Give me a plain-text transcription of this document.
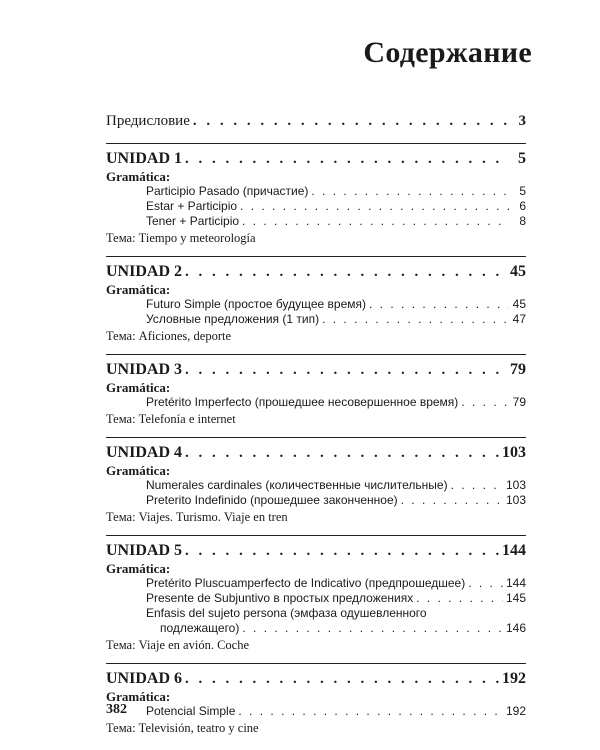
Содержание
Предисловие . . .	3
UNIDAD 1 . . .	5
Gramática:
Participio Pasado (причастие) . . .	5
Estar + Participio . . .	6
Tener + Participio . . .	8
Тема: Tiempo y meteorología
UNIDAD 2 . . .	45
Gramática:
Futuro Simple (простое будущее время) . . .	45
Условные предложения (1 тип) . . .	47
Тема: Aficiones, deporte
UNIDAD 3 . . .	79
Gramática:
Pretérito Imperfecto (прошедшее несовершенное время) . . .	79
Тема: Telefonía e internet
UNIDAD 4 . . .	103
Gramática:
Numerales cardinales (количественные числительные) . . .	103
Preterito Indefinido (прошедшее законченное) . . .	103
Тема: Viajes. Turismo. Viaje en tren
UNIDAD 5 . . .	144
Gramática:
Pretérito Pluscuamperfecto de Indicativo (предпрошедшее) . . .	144
Presente de Subjuntivo в простых предложениях . . .	145
Enfasis del sujeto persona (эмфаза одушевленного
подлежащего) . . .	146
Тема: Viaje en avión. Coche
UNIDAD 6 . . .	192
Gramática:
Potencial Simple . . .	192
Тема: Televisión, teatro y cine
382
